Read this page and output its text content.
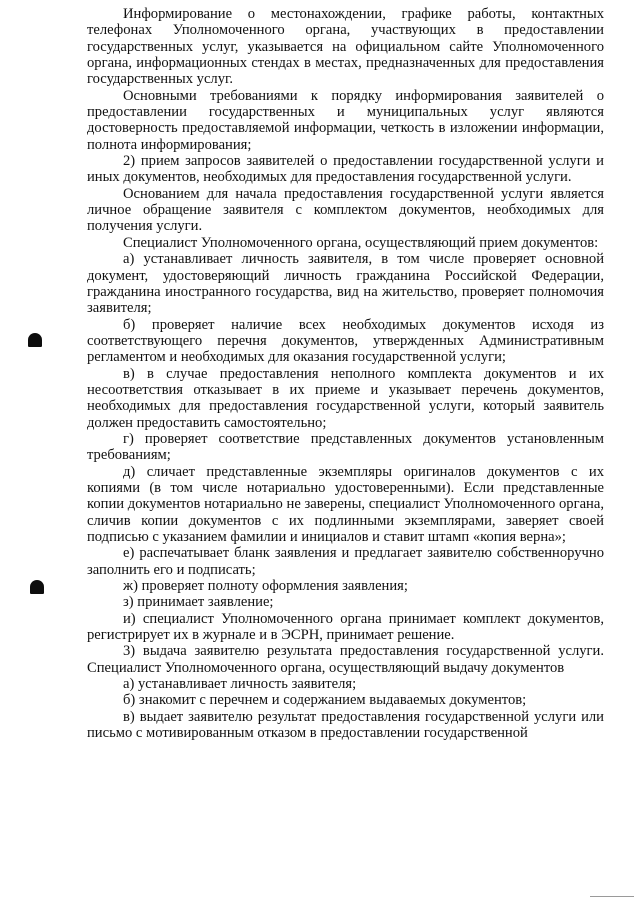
Информирование о местонахождении, графике работы, контактных телефонах Уполномоченного органа, участвующих в предоставлении государственных услуг, указывается на официальном сайте Уполномоченного органа, информационных стендах в местах, предназначенных для предоставления государственных услуг.

Основными требованиями к порядку информирования заявителей о предоставлении государственных и муниципальных услуг являются достоверность предоставляемой информации, четкость в изложении информации, полнота информирования;

2) прием запросов заявителей о предоставлении государственной услуги и иных документов, необходимых для предоставления государственной услуги.

Основанием для начала предоставления государственной услуги является личное обращение заявителя с комплектом документов, необходимых для получения услуги.

Специалист Уполномоченного органа, осуществляющий прием документов:

а) устанавливает личность заявителя, в том числе проверяет основной документ, удостоверяющий личность гражданина Российской Федерации, гражданина иностранного государства, вид на жительство, проверяет полномочия заявителя;

б) проверяет наличие всех необходимых документов исходя из соответствующего перечня документов, утвержденных Административным регламентом и необходимых для оказания государственной услуги;

в) в случае предоставления неполного комплекта документов и их несоответствия отказывает в их приеме и указывает перечень документов, необходимых для предоставления государственной услуги, который заявитель должен предоставить самостоятельно;

г) проверяет соответствие представленных документов установленным требованиям;

д) сличает представленные экземпляры оригиналов документов с их копиями (в том числе нотариально удостоверенными). Если представленные копии документов нотариально не заверены, специалист Уполномоченного органа, сличив копии документов с их подлинными экземплярами, заверяет своей подписью с указанием фамилии и инициалов и ставит штамп «копия верна»;

е) распечатывает бланк заявления и предлагает заявителю собственноручно заполнить его и подписать;

ж) проверяет полноту оформления заявления;

з) принимает заявление;

и) специалист Уполномоченного органа принимает комплект документов, регистрирует их в журнале и в ЭСРН, принимает решение.

3) выдача заявителю результата предоставления государственной услуги. Специалист Уполномоченного органа, осуществляющий выдачу документов

а) устанавливает личность заявителя;

б) знакомит с перечнем и содержанием выдаваемых документов;

в) выдает заявителю результат предоставления государственной услуги или письмо с мотивированным отказом в предоставлении государственной
